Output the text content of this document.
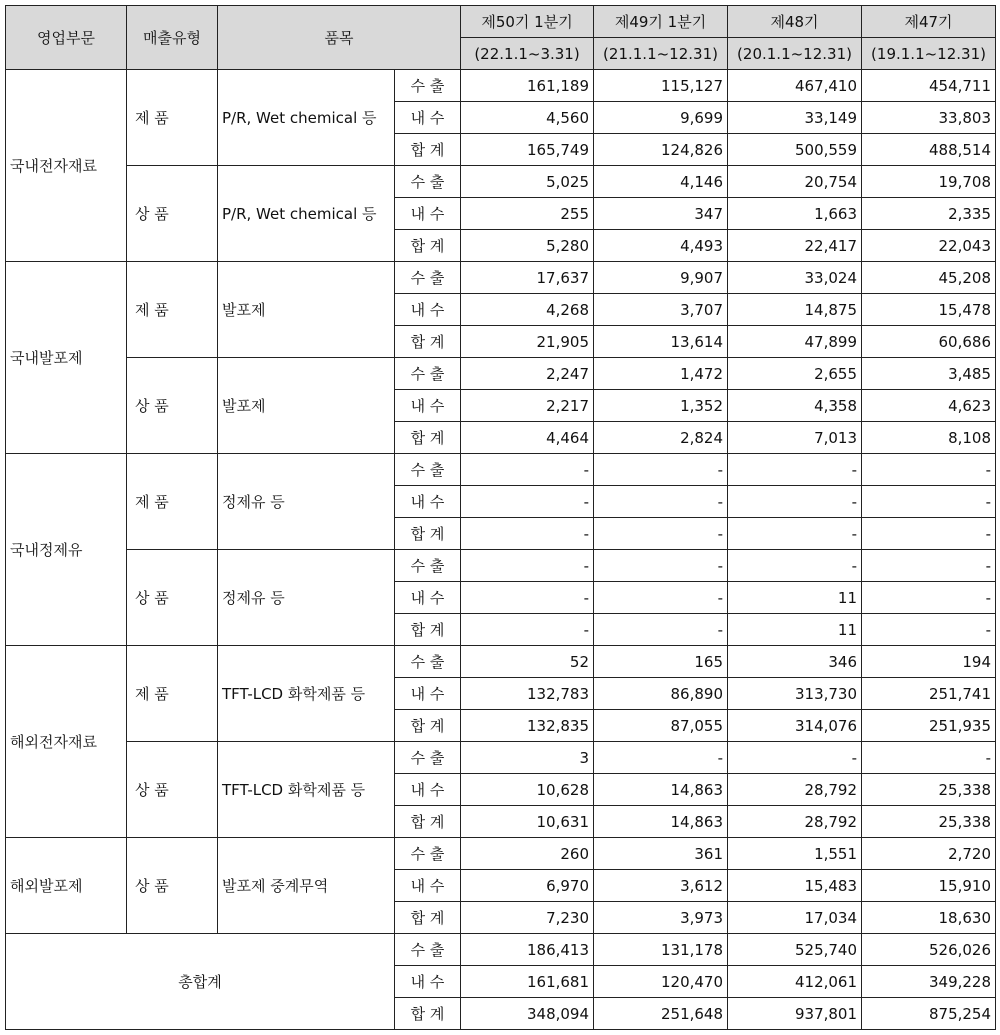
영업부문	매출유형	품목		제50기 1분기	제49기 1분기	제48기	제47기
				(22.1.1~3.31)	(21.1.1~12.31)	(20.1.1~12.31)	(19.1.1~12.31)
국내전자재료	제 품	P/R, Wet chemical 등	수 출	161,189	115,127	467,410	454,711
			내 수	4,560	9,699	33,149	33,803
			합 계	165,749	124,826	500,559	488,514
	상 품	P/R, Wet chemical 등	수 출	5,025	4,146	20,754	19,708
			내 수	255	347	1,663	2,335
			합 계	5,280	4,493	22,417	22,043
국내발포제	제 품	발포제	수 출	17,637	9,907	33,024	45,208
			내 수	4,268	3,707	14,875	15,478
			합 계	21,905	13,614	47,899	60,686
	상 품	발포제	수 출	2,247	1,472	2,655	3,485
			내 수	2,217	1,352	4,358	4,623
			합 계	4,464	2,824	7,013	8,108
국내정제유	제 품	정제유 등	수 출	-	-	-	-
			내 수	-	-	-	-
			합 계	-	-	-	-
	상 품	정제유 등	수 출	-	-	-	-
			내 수	-	-	11	-
			합 계	-	-	11	-
해외전자재료	제 품	TFT-LCD 화학제품 등	수 출	52	165	346	194
			내 수	132,783	86,890	313,730	251,741
			합 계	132,835	87,055	314,076	251,935
	상 품	TFT-LCD 화학제품 등	수 출	3	-	-	-
			내 수	10,628	14,863	28,792	25,338
			합 계	10,631	14,863	28,792	25,338
해외발포제	상 품	발포제 중계무역	수 출	260	361	1,551	2,720
			내 수	6,970	3,612	15,483	15,910
			합 계	7,230	3,973	17,034	18,630
총합계			수 출	186,413	131,178	525,740	526,026
			내 수	161,681	120,470	412,061	349,228
			합 계	348,094	251,648	937,801	875,254
